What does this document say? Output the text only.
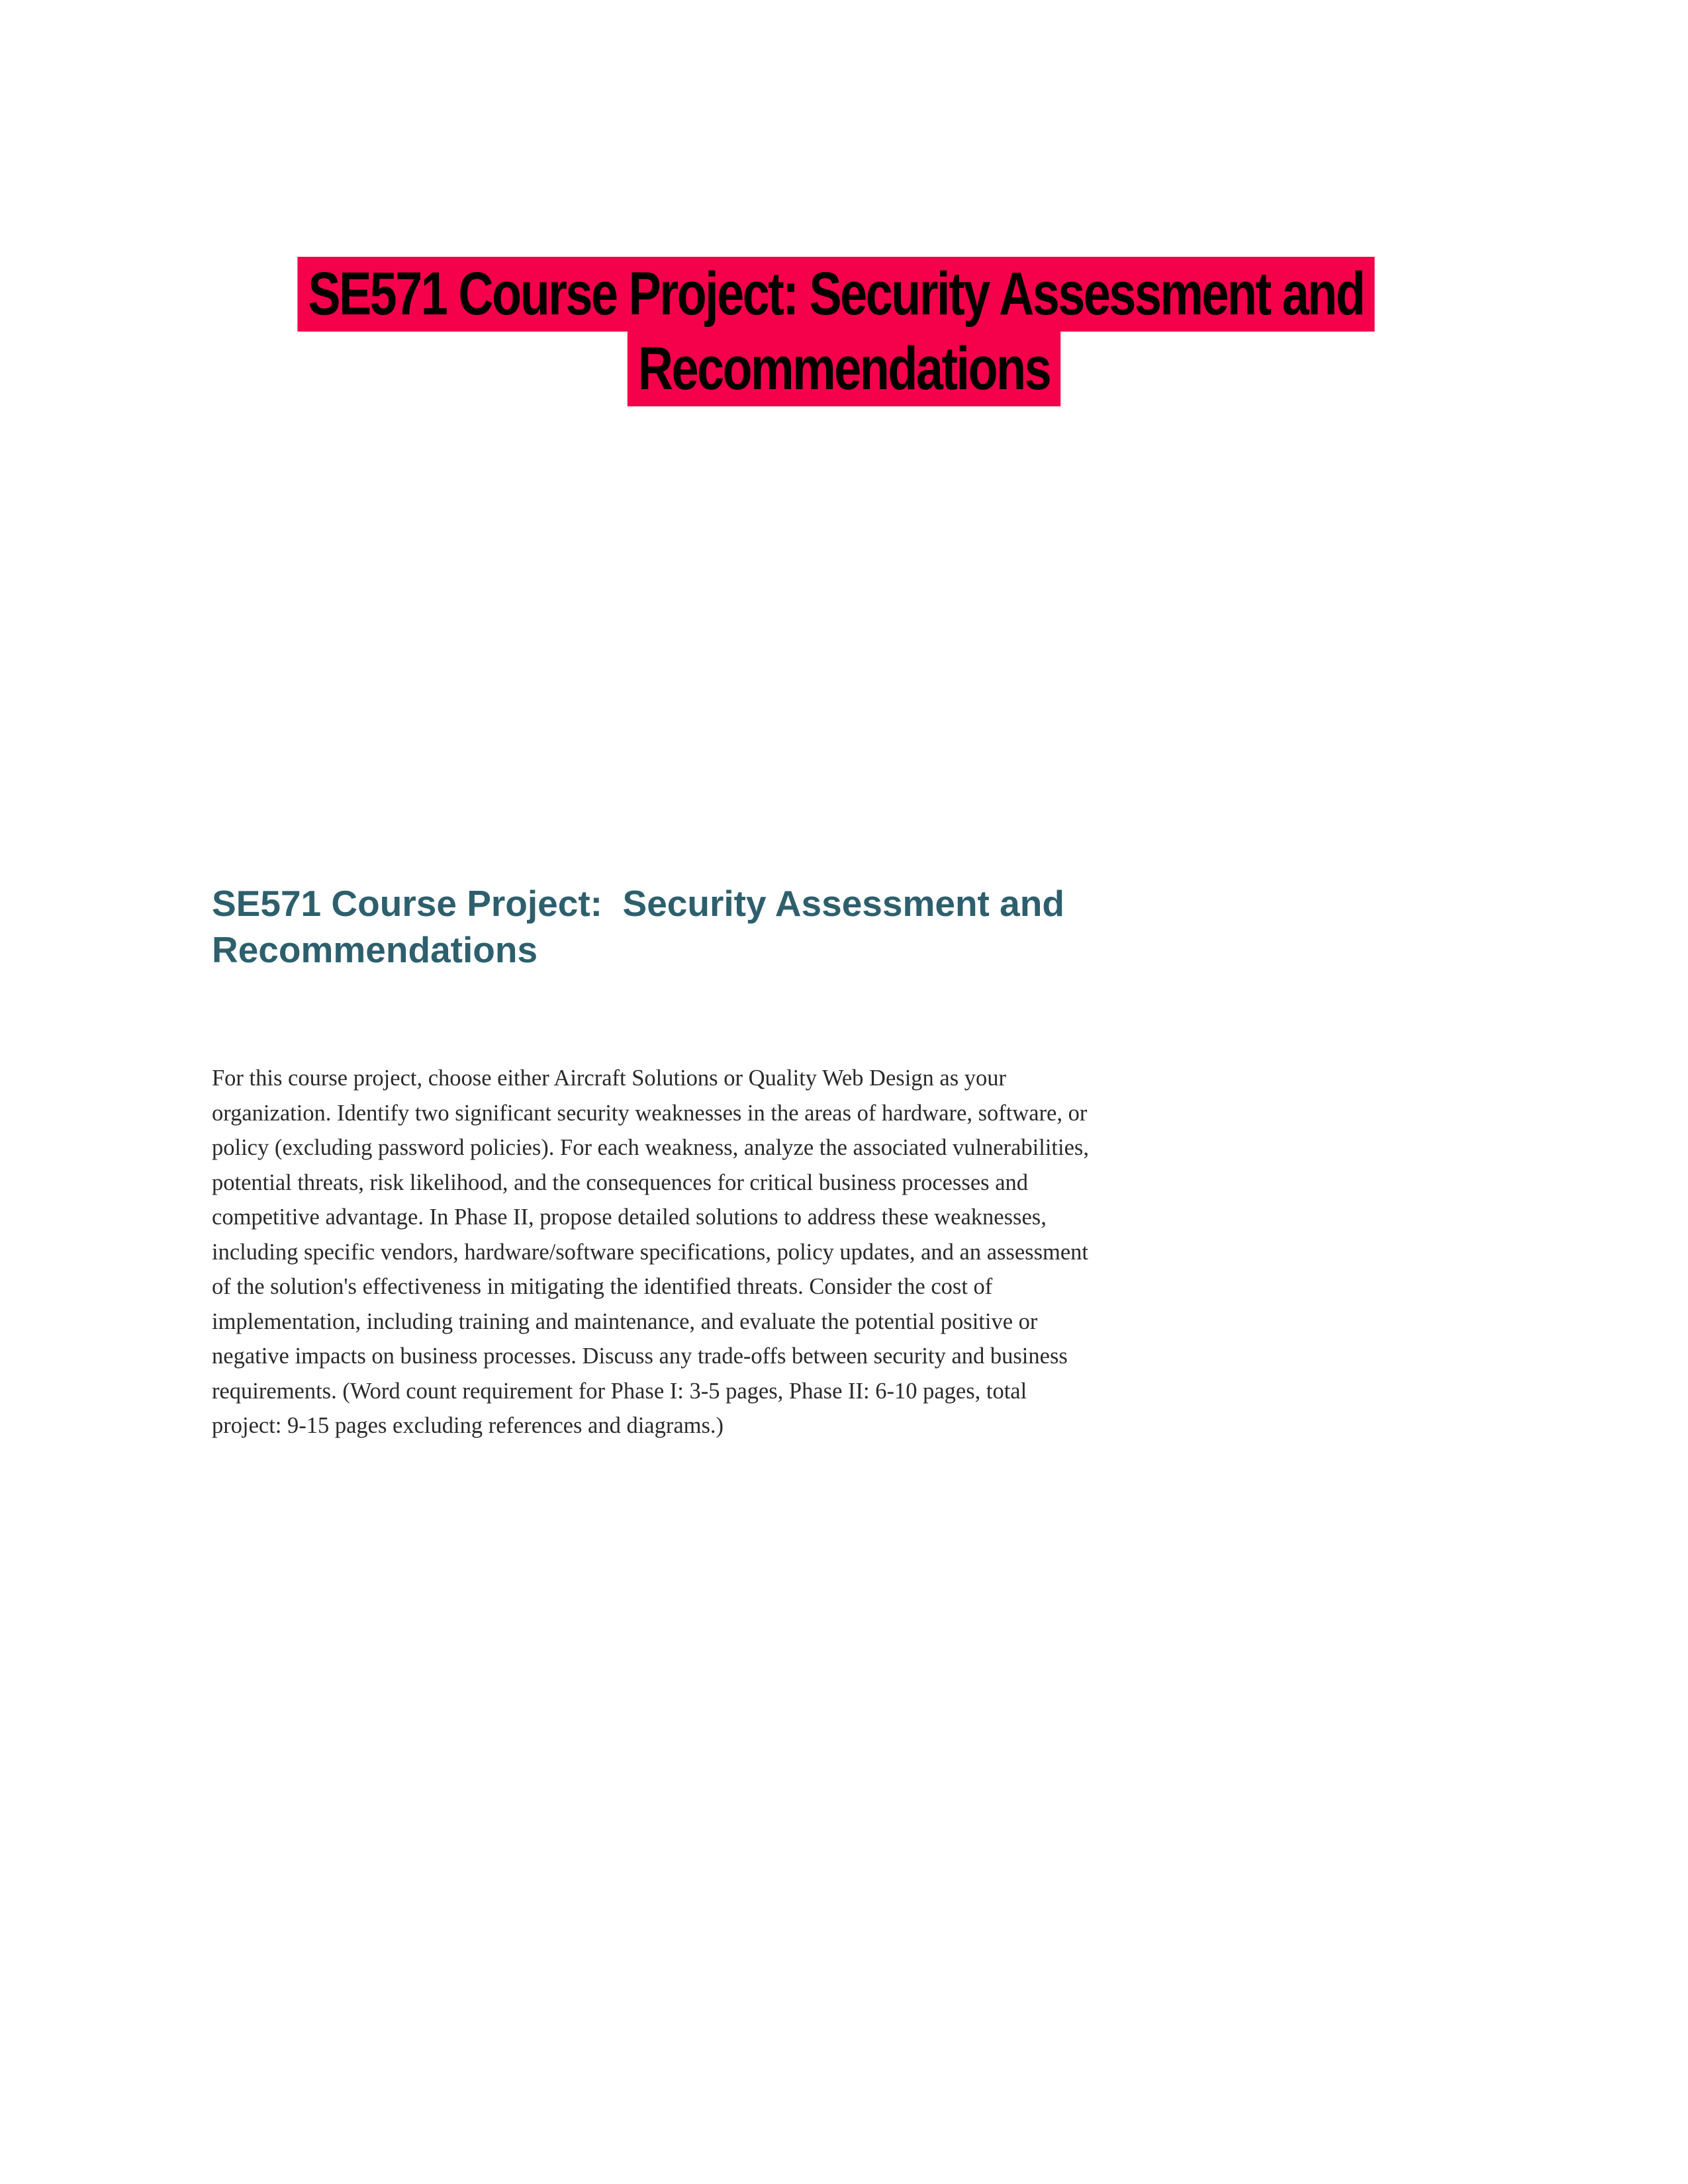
SE571 Course Project: Security Assessment and
Recommendations
SE571 Course Project:  Security Assessment and
Recommendations
For this course project, choose either Aircraft Solutions or Quality Web Design as your
organization. Identify two significant security weaknesses in the areas of hardware, software, or
policy (excluding password policies). For each weakness, analyze the associated vulnerabilities,
potential threats, risk likelihood, and the consequences for critical business processes and
competitive advantage. In Phase II, propose detailed solutions to address these weaknesses,
including specific vendors, hardware/software specifications, policy updates, and an assessment
of the solution's effectiveness in mitigating the identified threats. Consider the cost of
implementation, including training and maintenance, and evaluate the potential positive or
negative impacts on business processes. Discuss any trade-offs between security and business
requirements. (Word count requirement for Phase I: 3-5 pages, Phase II: 6-10 pages, total
project: 9-15 pages excluding references and diagrams.)
